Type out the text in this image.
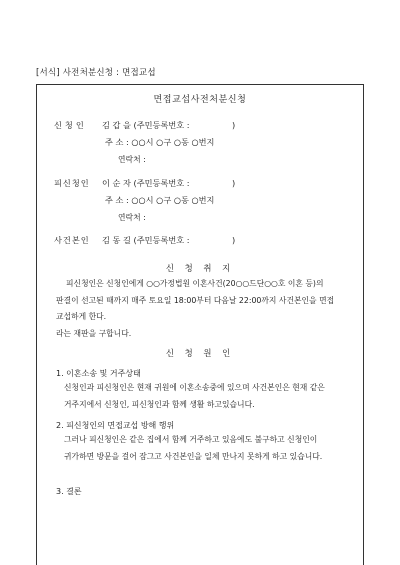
[서식] 사전처분신청 : 면접교섭
면접교섭사전처분신청
신청인 김 갑 을 (주민등록번호 :	)
주 소 : ○○시 ○구 ○동 ○번지
연락처 :
피신청인 이 순 자 (주민등록번호 :	)
주 소 : ○○시 ○구 ○동 ○번지
연락처 :
사건본인 김 동 길 (주민등록번호 :	)
신 청 취 지
피신청인은 신청인에게 ○○가정법원 이혼사건(20○○드단○○호 이혼 등)의
판결이 선고된 때까지 매주 토요일 18:00부터 다음날 22:00까지 사건본인을 면접
교섭하게 한다.
라는 재판을 구합니다.
신 청 원 인
1. 이혼소송 및 거주상태

신청인과 피신청인은 현재 귀원에 이혼소송중에 있으며 사건본인은 현재 같은

거주지에서 신청인, 피신청인과 함께 생활 하고있습니다.

2. 피신청인의 면접교섭 방해 행위

그러나 피신청인은 같은 집에서 함께 거주하고 있음에도 불구하고 신청인이

귀가하면 방문을 걸어 잠그고 사건본인을 일체 만나지 못하게 하고 있습니다.

3. 결론
